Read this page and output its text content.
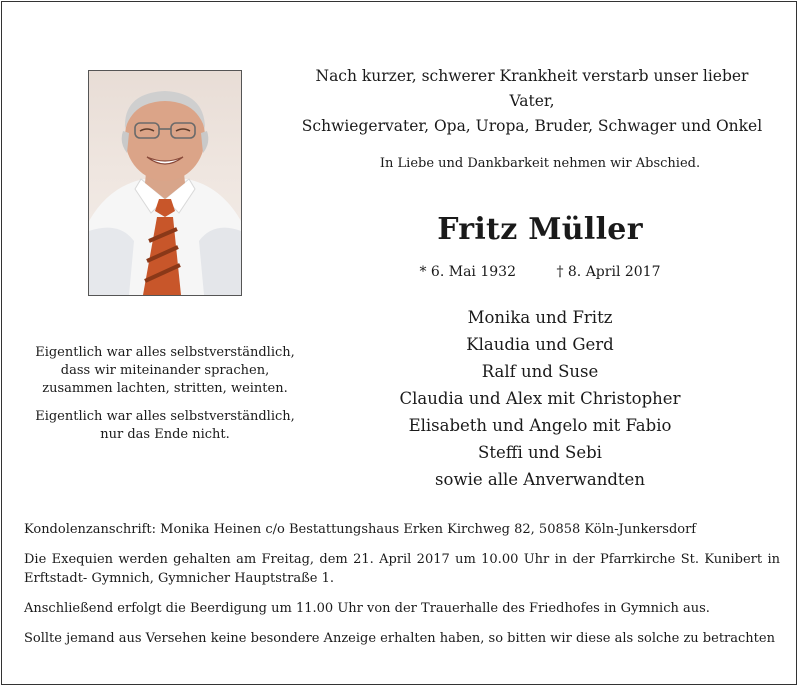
Nach kurzer, schwerer Krankheit verstarb unser lieber Vater,
Schwiegervater, Opa, Uropa, Bruder, Schwager und Onkel
In Liebe und Dankbarkeit nehmen wir Abschied.
Fritz Müller
* 6. Mai 1932	† 8. April 2017
Monika und Fritz
Klaudia und Gerd
Ralf und Suse
Claudia und Alex mit Christopher
Elisabeth und Angelo mit Fabio
Steffi und Sebi
sowie alle Anverwandten

Eigentlich war alles selbstverständlich,
dass wir miteinander sprachen,
zusammen lachten, stritten, weinten.

Eigentlich war alles selbstverständlich,
nur das Ende nicht.

Kondolenzanschrift: Monika Heinen c/o Bestattungshaus Erken Kirchweg 82, 50858 Köln-Junkersdorf

Die Exequien werden gehalten am Freitag, dem 21. April 2017 um 10.00 Uhr in der Pfarrkirche St. Kunibert in Erftstadt- Gymnich, Gymnicher Hauptstraße 1.

Anschließend erfolgt die Beerdigung um 11.00 Uhr von der Trauerhalle des Friedhofes in Gymnich aus.

Sollte jemand aus Versehen keine besondere Anzeige erhalten haben, so bitten wir diese als solche zu betrachten
